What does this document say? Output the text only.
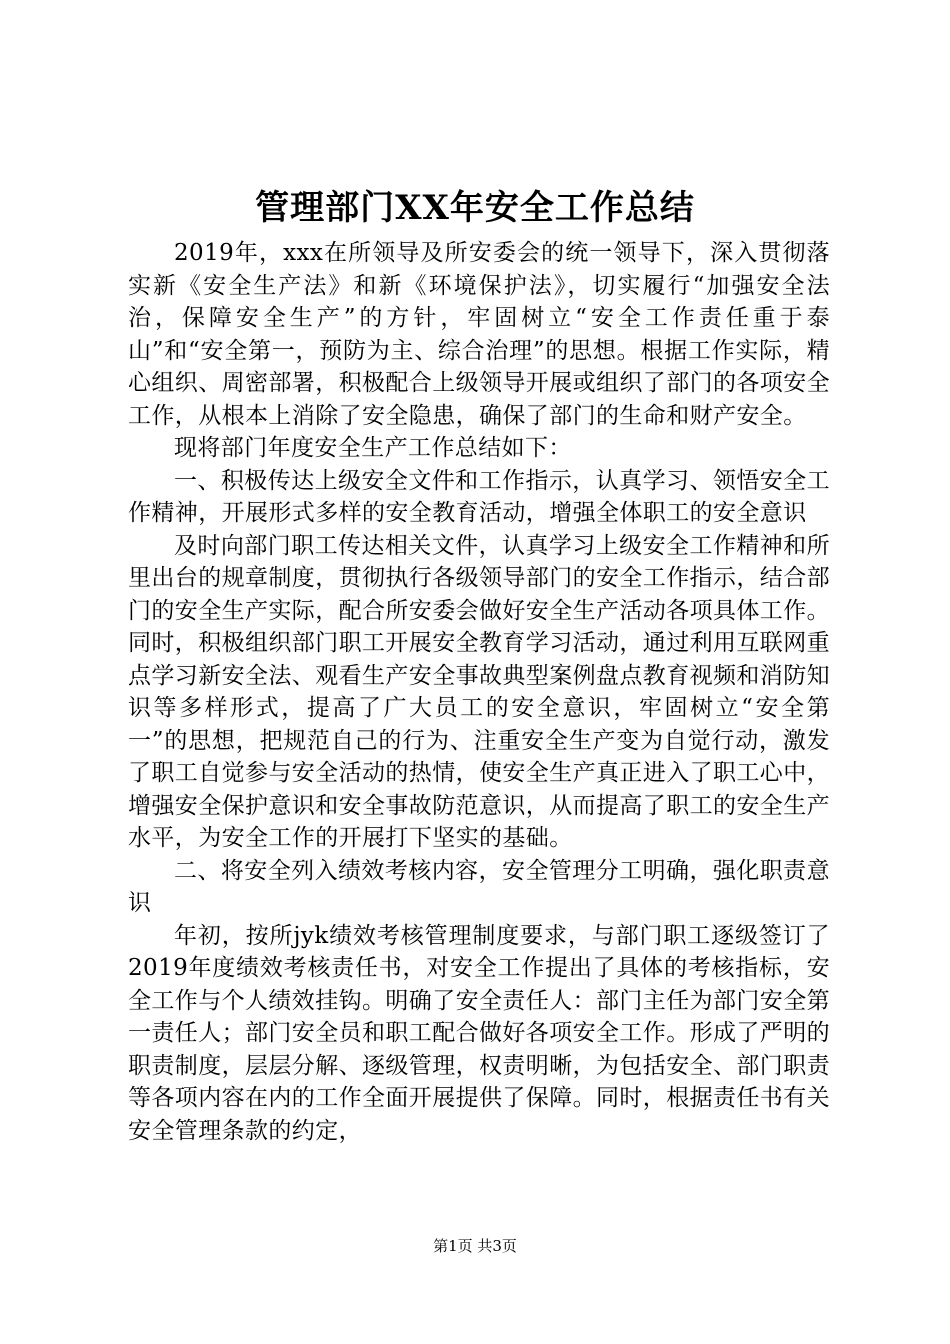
管理部门XX年安全工作总结

2019年，xxx在所领导及所安委会的统一领导下，深入贯彻落实新《安全生产法》和新《环境保护法》，切实履行“加强安全法治，保障安全生产”的方针，牢固树立“安全工作责任重于泰山”和“安全第一，预防为主、综合治理”的思想。根据工作实际，精心组织、周密部署，积极配合上级领导开展或组织了部门的各项安全工作，从根本上消除了安全隐患，确保了部门的生命和财产安全。

现将部门年度安全生产工作总结如下：

一、积极传达上级安全文件和工作指示，认真学习、领悟安全工作精神，开展形式多样的安全教育活动，增强全体职工的安全意识

及时向部门职工传达相关文件，认真学习上级安全工作精神和所里出台的规章制度，贯彻执行各级领导部门的安全工作指示，结合部门的安全生产实际，配合所安委会做好安全生产活动各项具体工作。同时，积极组织部门职工开展安全教育学习活动，通过利用互联网重点学习新安全法、观看生产安全事故典型案例盘点教育视频和消防知识等多样形式，提高了广大员工的安全意识，牢固树立“安全第一”的思想，把规范自己的行为、注重安全生产变为自觉行动，激发了职工自觉参与安全活动的热情，使安全生产真正进入了职工心中，增强安全保护意识和安全事故防范意识，从而提高了职工的安全生产水平，为安全工作的开展打下坚实的基础。

二、将安全列入绩效考核内容，安全管理分工明确，强化职责意识

年初，按所jyk绩效考核管理制度要求，与部门职工逐级签订了2019年度绩效考核责任书，对安全工作提出了具体的考核指标，安全工作与个人绩效挂钩。明确了安全责任人：部门主任为部门安全第一责任人；部门安全员和职工配合做好各项安全工作。形成了严明的职责制度，层层分解、逐级管理，权责明晰，为包括安全、部门职责等各项内容在内的工作全面开展提供了保障。同时，根据责任书有关安全管理条款的约定，

第1页 共3页
